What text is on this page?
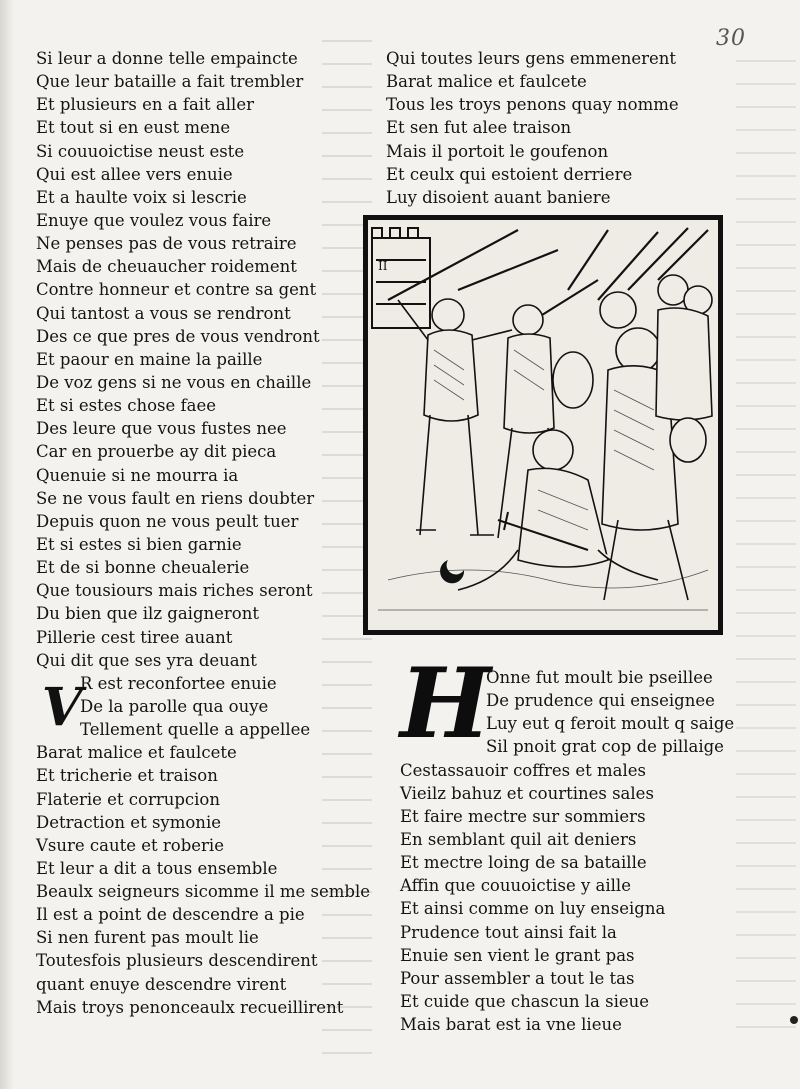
30
Si leur a donne telle empaincte
Que leur bataille a fait trembler
Et plusieurs en a fait aller
Et tout si en eust mene
Si couuoictise neust este
Qui est allee vers enuie
Et a haulte voix si lescrie
Enuye que voulez vous faire
Ne penses pas de vous retraire
Mais de cheuaucher roidement
Contre honneur et contre sa gent
Qui tantost a vous se rendront
Des ce que pres de vous vendront
Et paour en maine la paille
De voz gens si ne vous en chaille
Et si estes chose faee
Des leure que vous fustes nee
Car en prouerbe ay dit pieca
Quenuie si ne mourra ia
Se ne vous fault en riens doubter
Depuis quon ne vous peult tuer
Et si estes si bien garnie
Et de si bonne cheualerie
Que tousiours mais riches seront
Du bien que ilz gaigneront
Pillerie cest tiree auant
Qui dit que ses yra deuant
R est reconfortee enuie
De la parolle qua ouye
Tellement quelle a appellee
Barat malice et faulcete
Et tricherie et traison
Flaterie et corrupcion
Detraction et symonie
Vsure caute et roberie
Et leur a dit a tous ensemble
Beaulx seigneurs sicomme il me semble
Il est a point de descendre a pie
Si nen furent pas moult lie
Toutesfois plusieurs descendirent
quant enuye descendre virent
Mais troys penonceaulx recueillirent
V
Qui toutes leurs gens emmenerent
Barat malice et faulcete
Tous les troys penons quay nomme
Et sen fut alee traison
Mais il portoit le goufenon
Et ceulx qui estoient derriere
Luy disoient auant baniere
II
H
Onne fut moult bie pseillee
De prudence qui enseignee
Luy eut q feroit moult q saige
Sil pnoit grat cop de pillaige
Cestassauoir coffres et males
Vieilz bahuz et courtines sales
Et faire mectre sur sommiers
En semblant quil ait deniers
Et mectre loing de sa bataille
Affin que couuoictise y aille
Et ainsi comme on luy enseigna
Prudence tout ainsi fait la
Enuie sen vient le grant pas
Pour assembler a tout le tas
Et cuide que chascun la sieue
Mais barat est ia vne lieue
